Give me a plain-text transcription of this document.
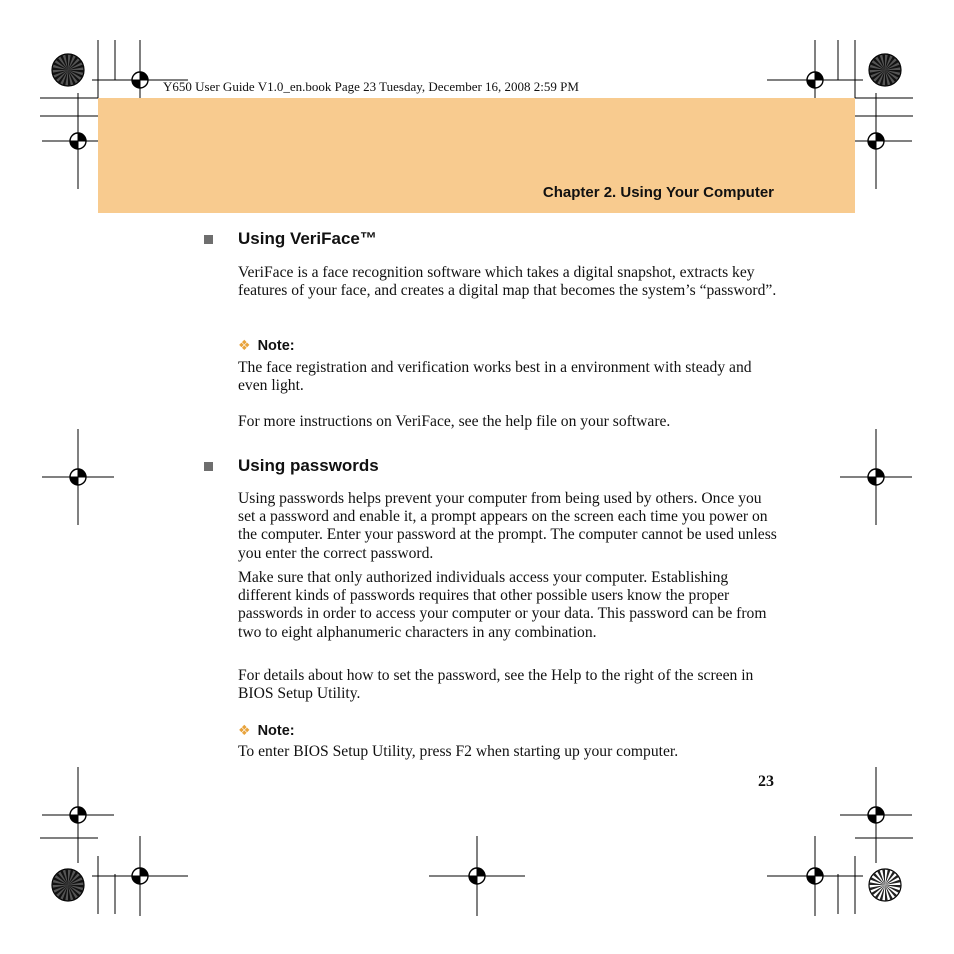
Y650 User Guide V1.0_en.book Page 23 Tuesday, December 16, 2008 2:59 PM
Chapter 2. Using Your Computer
Using VeriFace™

VeriFace is a face recognition software which takes a digital snapshot, extracts key features of your face, and creates a digital map that becomes the system’s “password”.

❖ Note:

The face registration and verification works best in a environment with steady and even light.

For more instructions on VeriFace, see the help file on your software.

Using passwords

Using passwords helps prevent your computer from being used by others. Once you set a password and enable it, a prompt appears on the screen each time you power on the computer. Enter your password at the prompt. The computer cannot be used unless you enter the correct password.

Make sure that only authorized individuals access your computer. Establishing different kinds of passwords requires that other possible users know the proper passwords in order to access your computer or your data. This password can be from two to eight alphanumeric characters in any combination.

For details about how to set the password, see the Help to the right of the screen in BIOS Setup Utility.

❖ Note:

To enter BIOS Setup Utility, press F2 when starting up your computer.

23
